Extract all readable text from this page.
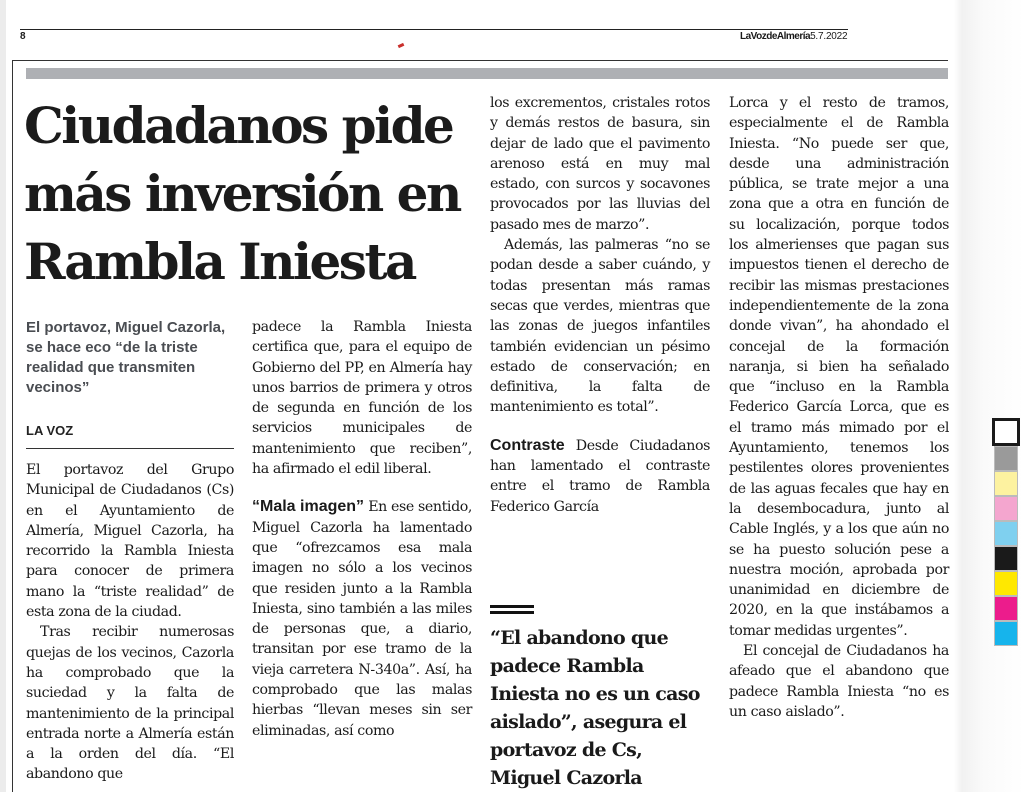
8	LaVozdeAlmería5.7.2022
Ciudadanos pide más inversión en Rambla Iniesta
El portavoz, Miguel Cazorla, se hace eco “de la triste realidad que transmiten vecinos”
LA VOZ

El portavoz del Grupo Municipal de Ciudadanos (Cs) en el Ayuntamiento de Almería, Miguel Cazorla, ha recorrido la Rambla Iniesta para conocer de primera mano la “triste realidad” de esta zona de la ciudad.

Tras recibir numerosas quejas de los vecinos, Cazorla ha comprobado que la suciedad y la falta de mantenimiento de la principal entrada norte a Almería están a la orden del día. “El abandono que

padece la Rambla Iniesta certifica que, para el equipo de Gobierno del PP, en Almería hay unos barrios de primera y otros de segunda en función de los servicios municipales de mantenimiento que reciben”, ha afirmado el edil liberal.

“Mala imagen” En ese sentido, Miguel Cazorla ha lamentado que “ofrezcamos esa mala imagen no sólo a los vecinos que residen junto a la Rambla Iniesta, sino también a las miles de personas que, a diario, transitan por ese tramo de la vieja carretera N-340a”. Así, ha comprobado que las malas hierbas “llevan meses sin ser eliminadas, así como

los excrementos, cristales rotos y demás restos de basura, sin dejar de lado que el pavimento arenoso está en muy mal estado, con surcos y socavones provocados por las lluvias del pasado mes de marzo”.

Además, las palmeras “no se podan desde a saber cuándo, y todas presentan más ramas secas que verdes, mientras que las zonas de juegos infantiles también evidencian un pésimo estado de conservación; en definitiva, la falta de mantenimiento es total”.

Contraste Desde Ciudadanos han lamentado el contraste entre el tramo de Rambla Federico García

Lorca y el resto de tramos, especialmente el de Rambla Iniesta. “No puede ser que, desde una administración pública, se trate mejor a una zona que a otra en función de su localización, porque todos los almerienses que pagan sus impuestos tienen el derecho de recibir las mismas prestaciones independientemente de la zona donde vivan”, ha ahondado el concejal de la formación naranja, si bien ha señalado que “incluso en la Rambla Federico García Lorca, que es el tramo más mimado por el Ayuntamiento, tenemos los pestilentes olores provenientes de las aguas fecales que hay en la desembocadura, junto al Cable Inglés, y a los que aún no se ha puesto solución pese a nuestra moción, aprobada por unanimidad en diciembre de 2020, en la que instábamos a tomar medidas urgentes”.

El concejal de Ciudadanos ha afeado que el abandono que padece Rambla Iniesta “no es un caso aislado”.

“El abandono que padece Rambla Iniesta no es un caso aislado”, asegura el portavoz de Cs, Miguel Cazorla
